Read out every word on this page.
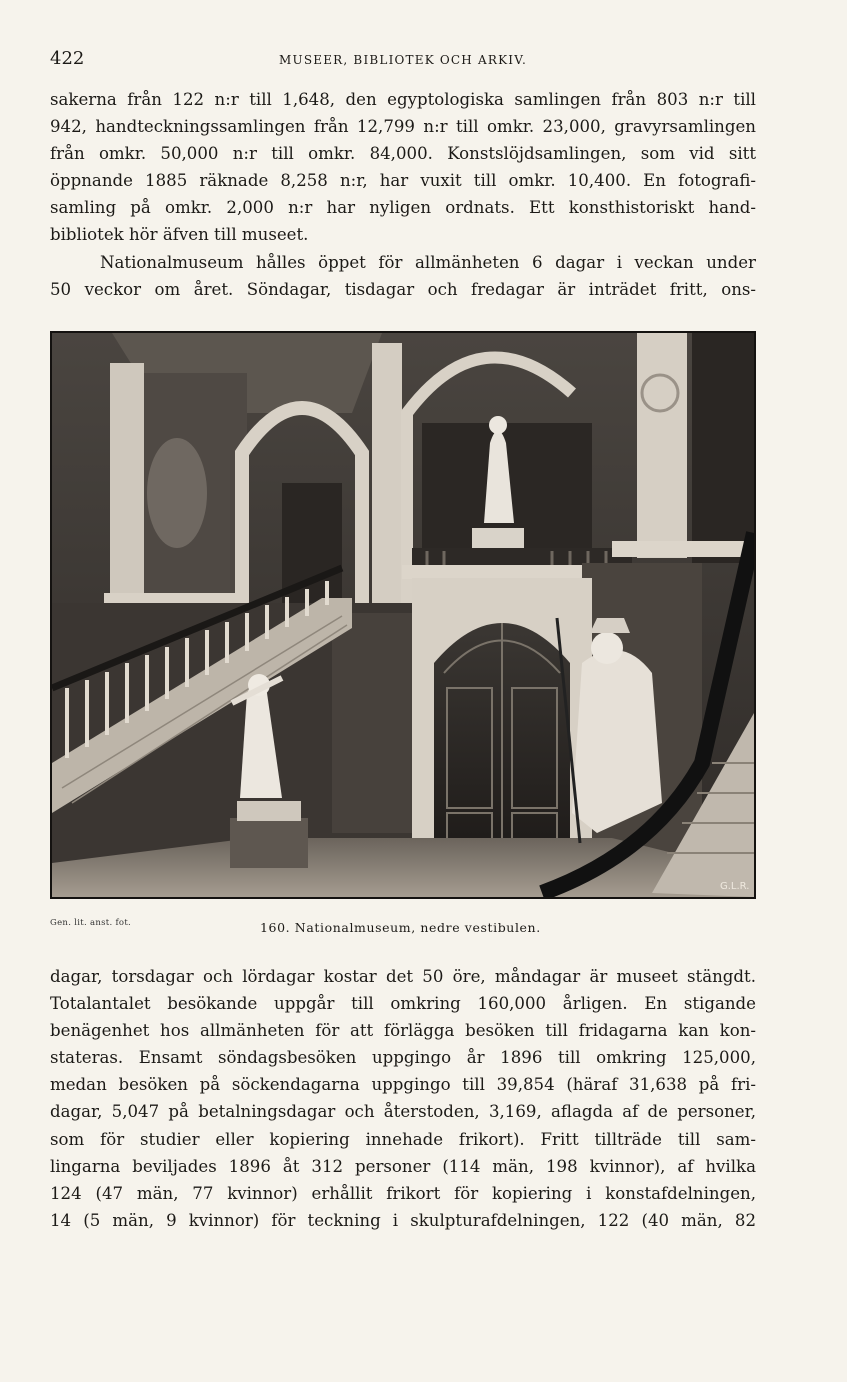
422	MUSEER, BIBLIOTEK OCH ARKIV.
sakerna från 122 n:r till 1,648, den egyptologiska samlingen från 803 n:r till
942, handteckningssamlingen från 12,799 n:r till omkr. 23,000, gravyrsamlingen
från omkr. 50,000 n:r till omkr. 84,000. Konstslöjdsamlingen, som vid sitt
öppnande 1885 räknade 8,258 n:r, har vuxit till omkr. 10,400. En fotografi-
samling på omkr. 2,000 n:r har nyligen ordnats. Ett konsthistoriskt hand-
bibliotek hör äfven till museet.
Nationalmuseum hålles öppet för allmänheten 6 dagar i veckan under
50 veckor om året. Söndagar, tisdagar och fredagar är inträdet fritt, ons-
G.L.R.
Gen. lit. anst. fot.	160. Nationalmuseum, nedre vestibulen.
dagar, torsdagar och lördagar kostar det 50 öre, måndagar är museet stängdt.
Totalantalet besökande uppgår till omkring 160,000 årligen. En stigande
benägenhet hos allmänheten för att förlägga besöken till fridagarna kan kon-
stateras. Ensamt söndagsbesöken uppgingo år 1896 till omkring 125,000,
medan besöken på söckendagarna uppgingo till 39,854 (häraf 31,638 på fri-
dagar, 5,047 på betalningsdagar och återstoden, 3,169, aflagda af de personer,
som för studier eller kopiering innehade frikort). Fritt tillträde till sam-
lingarna beviljades 1896 åt 312 personer (114 män, 198 kvinnor), af hvilka
124 (47 män, 77 kvinnor) erhållit frikort för kopiering i konstafdelningen,
14 (5 män, 9 kvinnor) för teckning i skulpturafdelningen, 122 (40 män, 82
